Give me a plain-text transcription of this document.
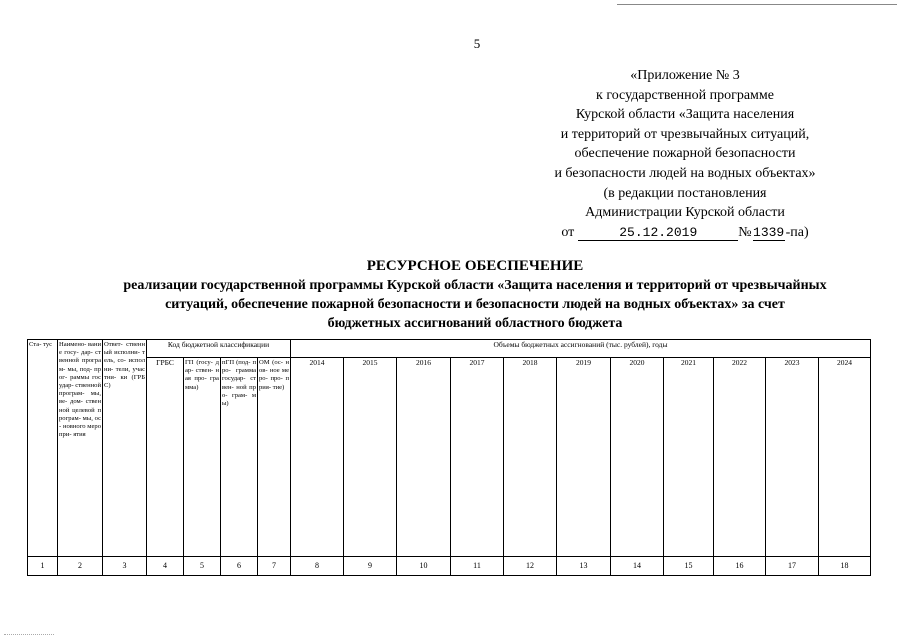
5
«Приложение № 3
к государственной программе
Курской области «Защита населения
и территорий от чрезвычайных ситуаций,
обеспечение пожарной безопасности
и безопасности людей на водных объектах»
(в редакции постановления
Администрации Курской области
от	25.12.2019	№1339-па)
РЕСУРСНОЕ ОБЕСПЕЧЕНИЕ
реализации государственной программы Курской области «Защита населения и территорий от чрезвычайных
ситуаций, обеспечение пожарной безопасности и безопасности людей на водных объектах» за счет
бюджетных ассигнований областного бюджета
Ста- тус	Наимено- вание госу- дар- ственной програм- мы, под- прог- раммы государ- ственной програм- мы, ве- дом- ственной целевой програм- мы, ос- новного меропри- ятия	Ответ- ственный исполни- тель, со- исполни- тели, участни- ки (ГРБС)	Код бюджетной классификации				Объемы бюджетных ассигнований (тыс. рублей), годы										
			ГРБС	ГП (госу- дар- ствен- ная про- грамма)	пГП (под- про- грамма государ- ствен- ной про- грам- мы)	ОМ (ос- нов- ное меро- про- прия- тие)	2014	2015	2016	2017	2018	2019	2020	2021	2022	2023	2024
1	2	3	4	5	6	7	8	9	10	11	12	13	14	15	16	17	18
